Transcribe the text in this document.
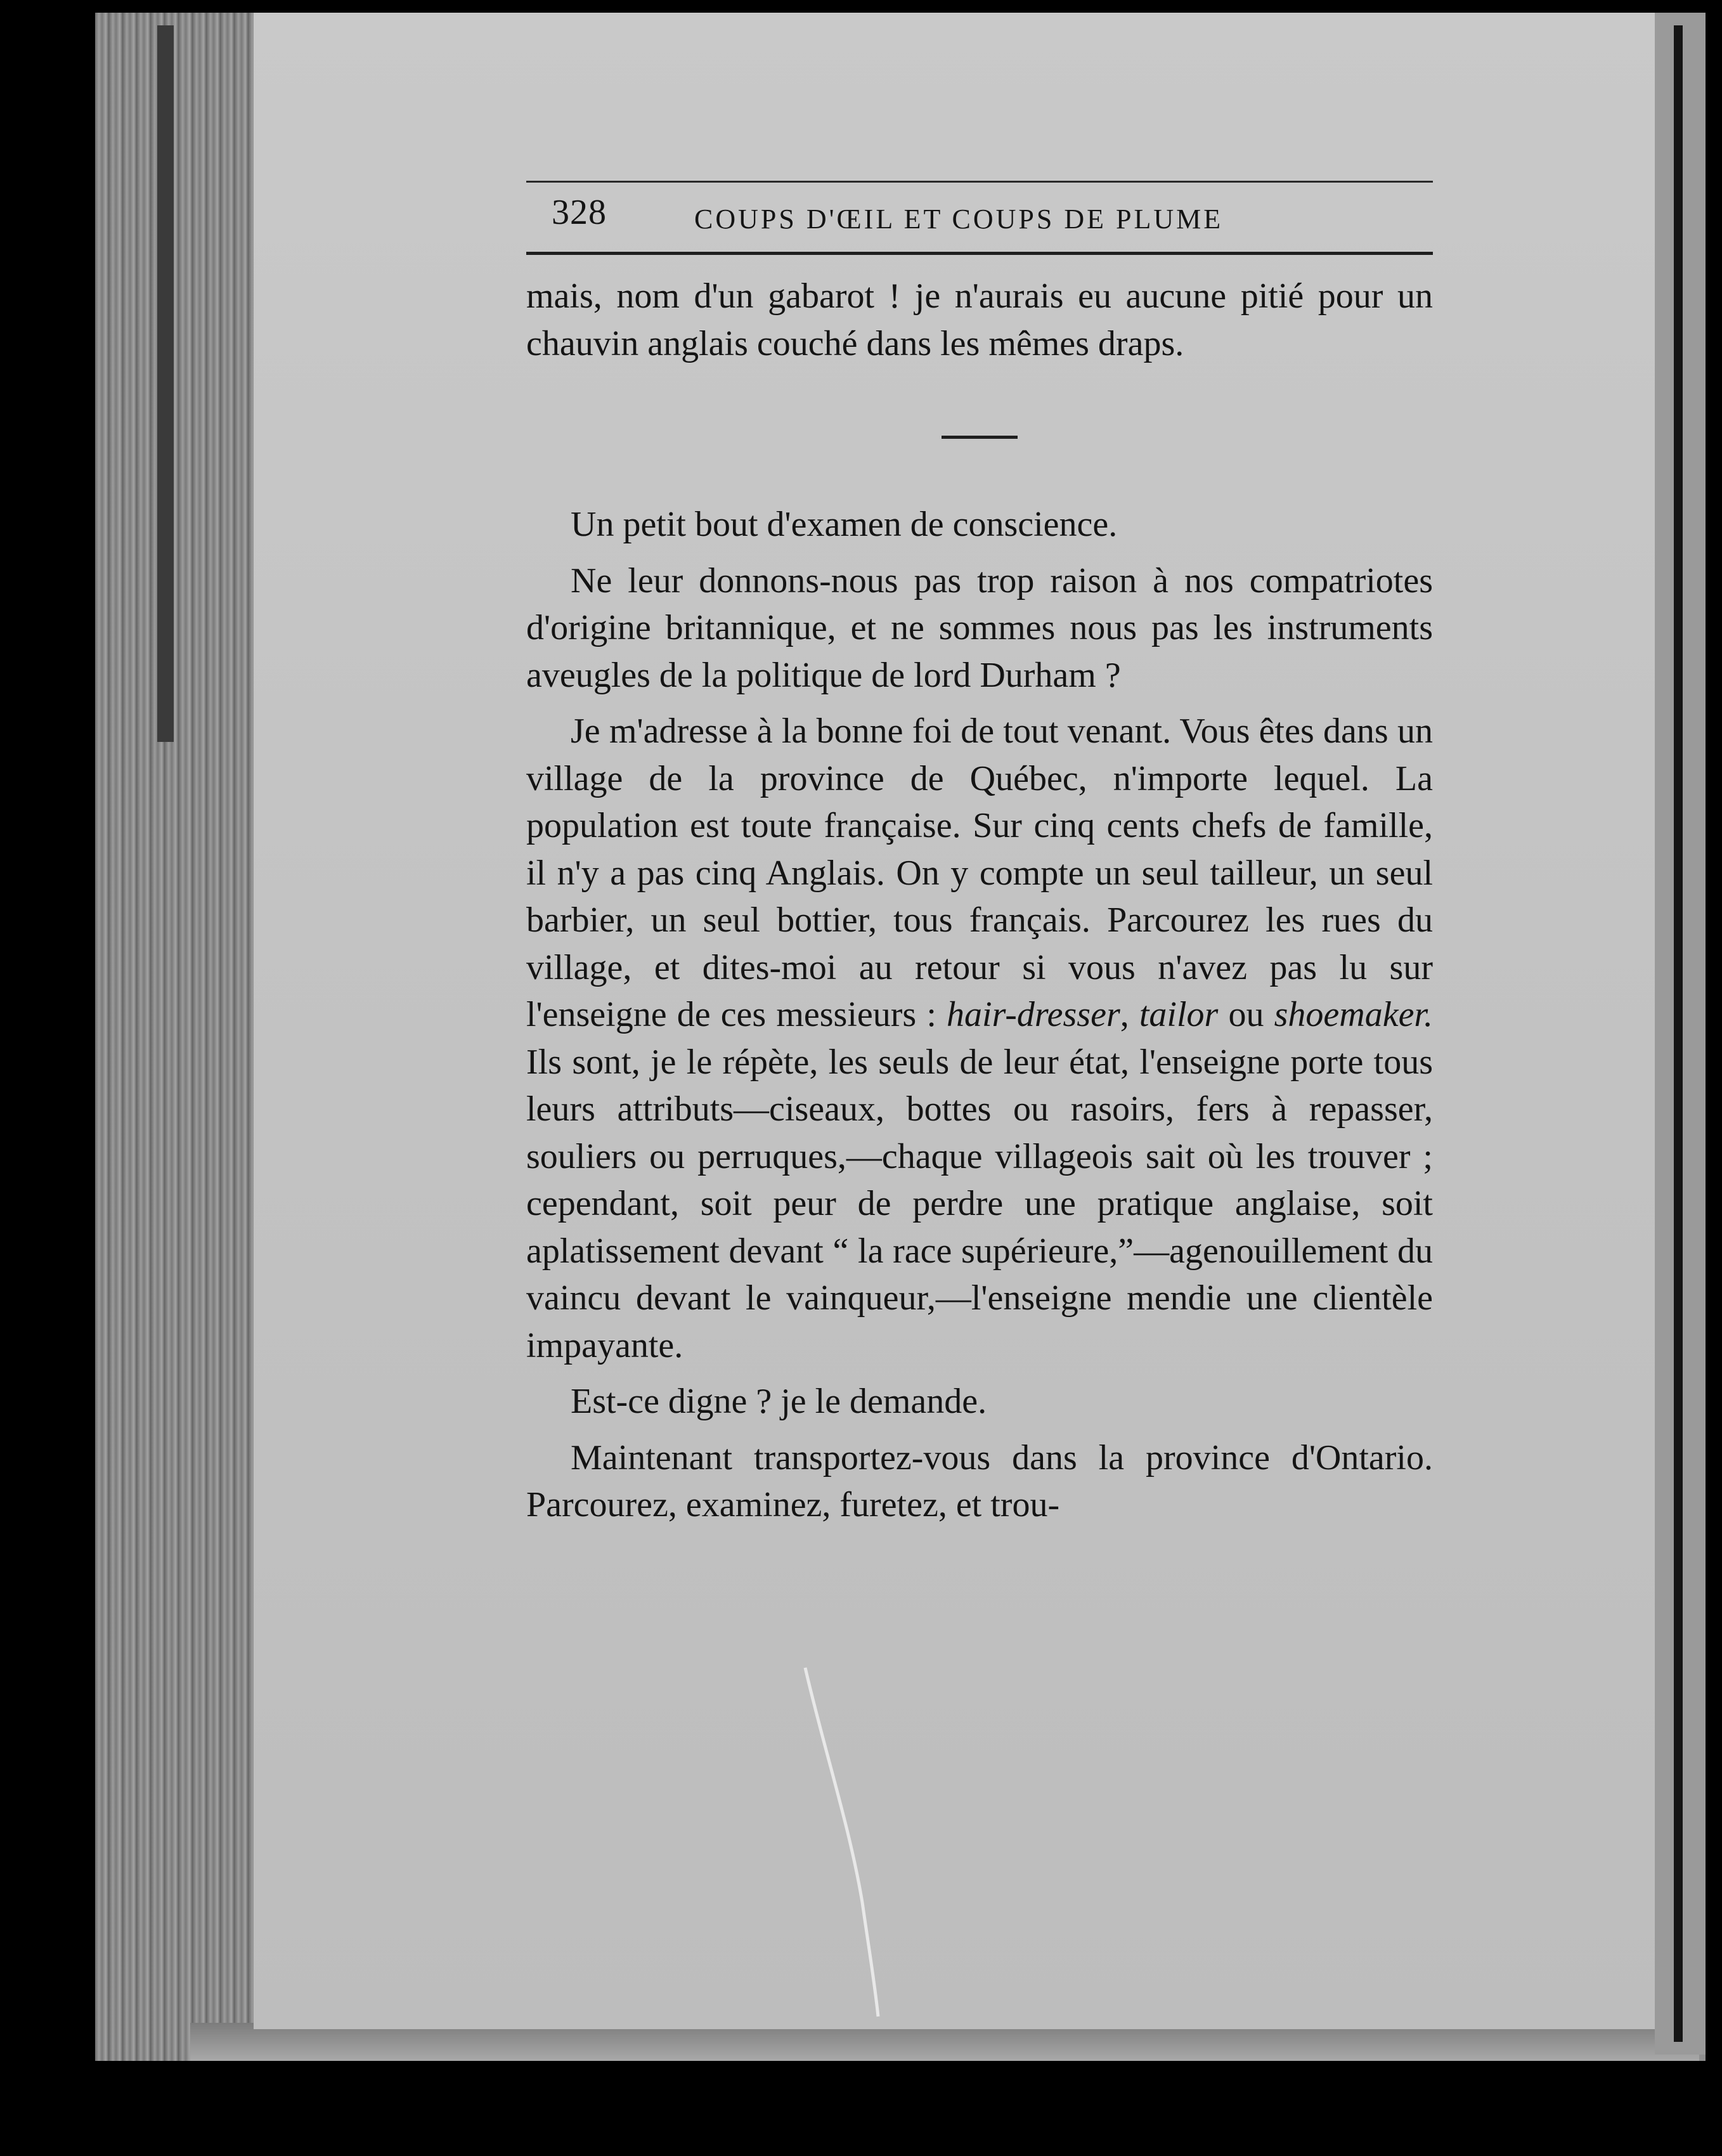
328	COUPS D'ŒIL ET COUPS DE PLUME

mais, nom d'un gabarot ! je n'aurais eu aucune pitié pour un chauvin anglais couché dans les mêmes draps.

Un petit bout d'examen de conscience.

Ne leur donnons-nous pas trop raison à nos compatriotes d'origine britannique, et ne sommes nous pas les instruments aveugles de la politique de lord Durham ?

Je m'adresse à la bonne foi de tout venant. Vous êtes dans un village de la province de Québec, n'importe lequel. La population est toute française. Sur cinq cents chefs de famille, il n'y a pas cinq Anglais. On y compte un seul tailleur, un seul barbier, un seul bottier, tous français. Parcourez les rues du village, et dites-moi au retour si vous n'avez pas lu sur l'enseigne de ces messieurs : hair-dresser, tailor ou shoemaker. Ils sont, je le répète, les seuls de leur état, l'enseigne porte tous leurs attributs—ciseaux, bottes ou rasoirs, fers à repasser, souliers ou perruques,—chaque villageois sait où les trouver ; cependant, soit peur de perdre une pratique anglaise, soit aplatissement devant “ la race supérieure,”—agenouillement du vaincu devant le vainqueur,—l'enseigne mendie une clientèle impayante.

Est-ce digne ? je le demande.

Maintenant transportez-vous dans la province d'Ontario. Parcourez, examinez, furetez, et trou-
